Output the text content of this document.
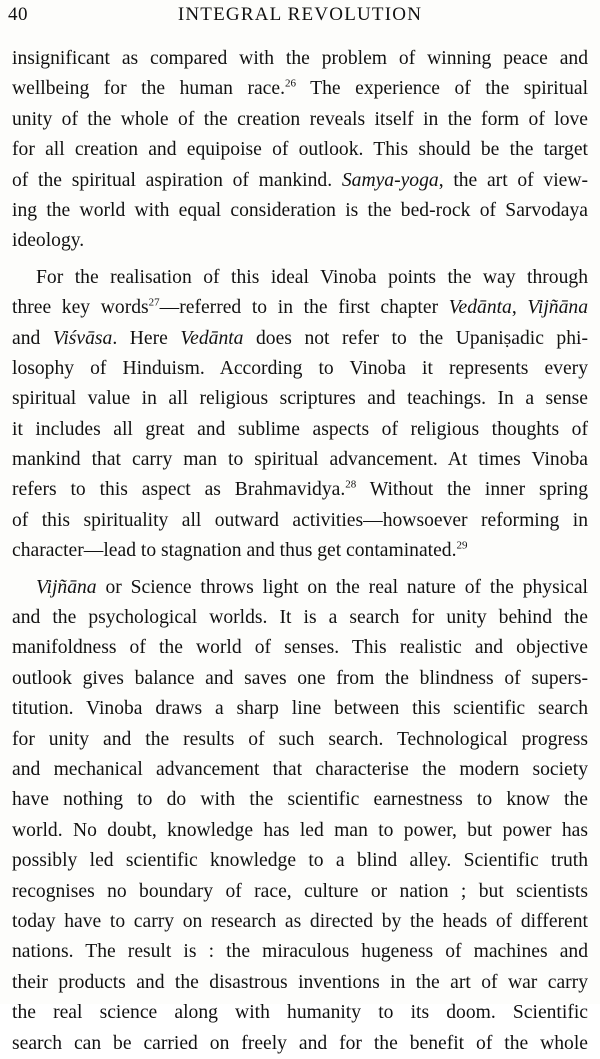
40	INTEGRAL REVOLUTION
insignificant as compared with the problem of winning peace and
wellbeing for the human race.$^{26}$ The experience of the spiritual
unity of the whole of the creation reveals itself in the form of love
for all creation and equipoise of outlook. This should be the target
of the spiritual aspiration of mankind. Samya-yoga, the art of view-
ing the world with equal consideration is the bed-rock of Sarvodaya
ideology.
For the realisation of this ideal Vinoba points the way through
three key words$^{27}$—referred to in the first chapter Vedānta, Vijñāna
and Viśvāsa. Here Vedānta does not refer to the Upaniṣadic phi-
losophy of Hinduism. According to Vinoba it represents every
spiritual value in all religious scriptures and teachings. In a sense
it includes all great and sublime aspects of religious thoughts of
mankind that carry man to spiritual advancement. At times Vinoba
refers to this aspect as Brahmavidya.$^{28}$ Without the inner spring
of this spirituality all outward activities—howsoever reforming in
character—lead to stagnation and thus get contaminated.$^{29}$
Vijñāna or Science throws light on the real nature of the physical
and the psychological worlds. It is a search for unity behind the
manifoldness of the world of senses. This realistic and objective
outlook gives balance and saves one from the blindness of supers-
titution. Vinoba draws a sharp line between this scientific search
for unity and the results of such search. Technological progress
and mechanical advancement that characterise the modern society
have nothing to do with the scientific earnestness to know the
world. No doubt, knowledge has led man to power, but power has
possibly led scientific knowledge to a blind alley. Scientific truth
recognises no boundary of race, culture or nation ; but scientists
today have to carry on research as directed by the heads of different
nations. The result is : the miraculous hugeness of machines and
their products and the disastrous inventions in the art of war carry
the real science along with humanity to its doom. Scientific
search can be carried on freely and for the benefit of the whole
